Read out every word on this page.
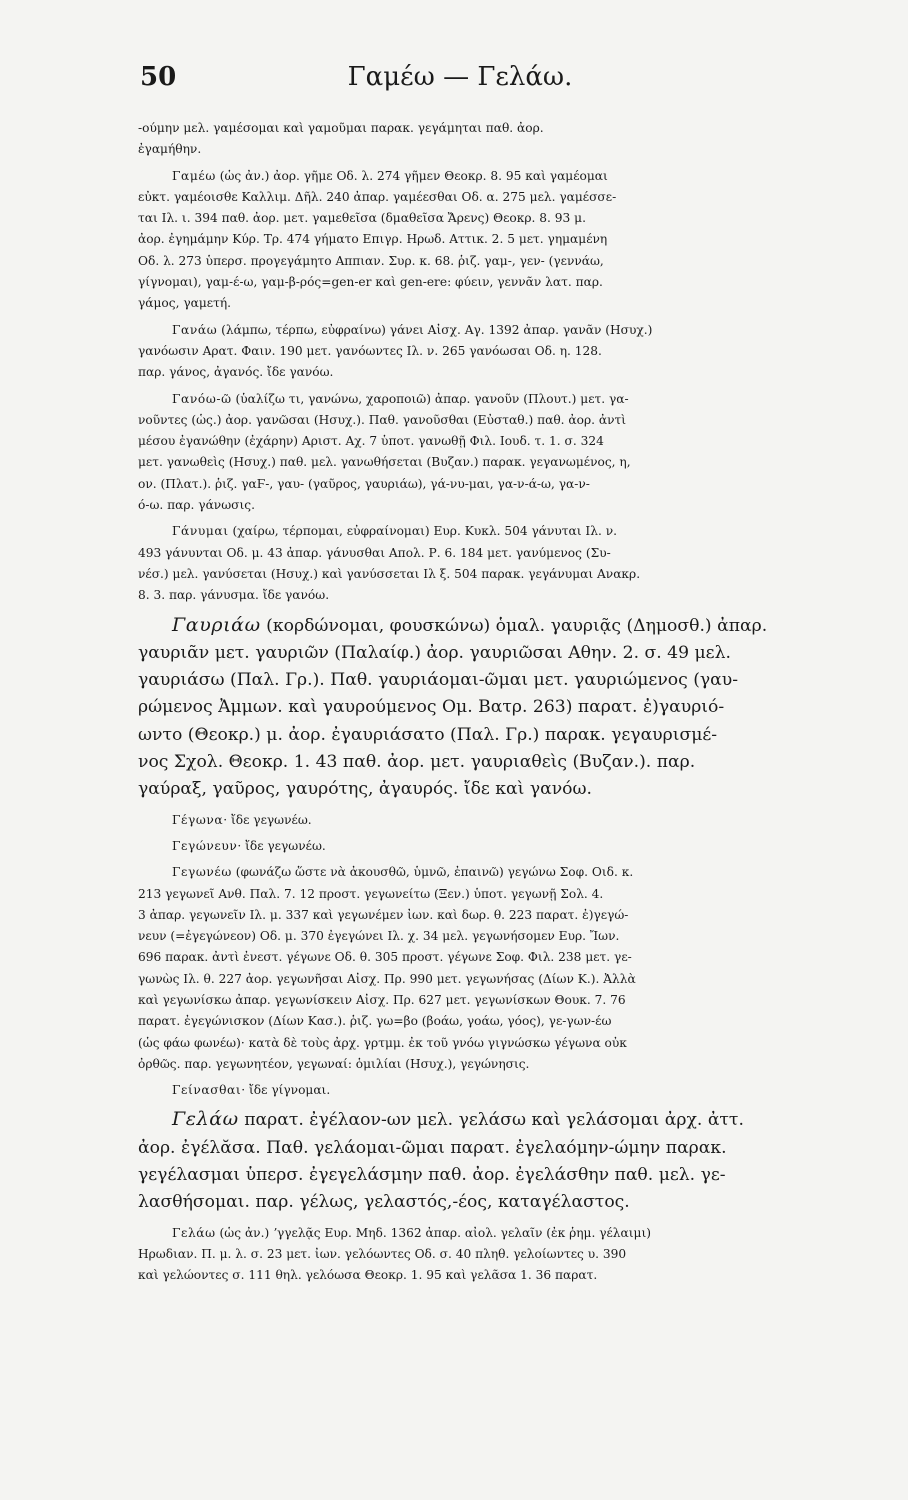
50	Γαμέω — Γελάω.

-ούμην μελ. γαμέσομαι καὶ γαμοῦμαι παρακ. γεγάμηται παθ. ἀορ.
ἐγαμήθην.

Γαμέω (ὡς ἀν.) ἀορ. γῆμε Οδ. λ. 274 γῆμεν Θεοκρ. 8. 95 καὶ γαμέομαι
εὐκτ. γαμέοισθε Καλλιμ. Δῆλ. 240 ἀπαρ. γαμέεσθαι Οδ. α. 275 μελ. γαμέσσε-
ται Ιλ. ι. 394 παθ. ἀορ. μετ. γαμεθεῖσα (δμαθεῖσα Ἄρενς) Θεοκρ. 8. 93 μ.
ἀορ. ἐγημάμην Κύρ. Τρ. 474 γήματο Επιγρ. Ηρωδ. Αττικ. 2. 5 μετ. γημαμένη
Οδ. λ. 273 ὑπερσ. προγεγάμητο Αππιαν. Συρ. κ. 68. ῥιζ. γαμ-, γεν- (γεννάω,
γίγνομαι), γαμ-έ-ω, γαμ-β-ρός=gen-er καὶ gen-ere: φύειν, γεννᾶν λατ. παρ.
γάμος, γαμετή.

Γανάω (λάμπω, τέρπω, εὐφραίνω) γάνει Αἰσχ. Αγ. 1392 ἀπαρ. γανᾶν (Ησυχ.)
γανόωσιν Αρατ. Φαιν. 190 μετ. γανόωντες Ιλ. ν. 265 γανόωσαι Οδ. η. 128.
παρ. γάνος, ἀγανός. ἴδε γανόω.

Γανόω-ῶ (ὑαλίζω τι, γανώνω, χαροποιῶ) ἀπαρ. γανοῦν (Πλουτ.) μετ. γα-
νοῦντες (ὡς.) ἀορ. γανῶσαι (Ησυχ.). Παθ. γανοῦσθαι (Εὐσταθ.) παθ. ἀορ. ἀντὶ
μέσου ἐγανώθην (ἐχάρην) Αριστ. Αχ. 7 ὑποτ. γανωθῇ Φιλ. Ιουδ. τ. 1. σ. 324
μετ. γανωθεὶς (Ησυχ.) παθ. μελ. γανωθήσεται (Βυζαν.) παρακ. γεγανωμένος, η,
ον. (Πλατ.). ῥιζ. γαϜ-, γαυ- (γαῦρος, γαυριάω), γά-νυ-μαι, γα-ν-ά-ω, γα-ν-
ό-ω. παρ. γάνωσις.

Γάνυμαι (χαίρω, τέρπομαι, εὐφραίνομαι) Ευρ. Κυκλ. 504 γάνυται Ιλ. ν.
493 γάνυνται Οδ. μ. 43 ἀπαρ. γάνυσθαι Απολ. Ρ. 6. 184 μετ. γανύμενος (Συ-
νέσ.) μελ. γανύσεται (Ησυχ.) καὶ γανύσσεται Ιλ ξ. 504 παρακ. γεγάνυμαι Ανακρ.
8. 3. παρ. γάνυσμα. ἴδε γανόω.

Γαυριάω (κορδώνομαι, φουσκώνω) ὁμαλ. γαυριᾷς (Δημοσθ.) ἀπαρ.
γαυριᾶν μετ. γαυριῶν (Παλαίφ.) ἀορ. γαυριῶσαι Αθην. 2. σ. 49 μελ.
γαυριάσω (Παλ. Γρ.). Παθ. γαυριάομαι-ῶμαι μετ. γαυριώμενος (γαυ-
ρώμενος Ἀμμων. καὶ γαυρούμενος Ομ. Βατρ. 263) παρατ. ἐ)γαυριό-
ωντο (Θεοκρ.) μ. ἀορ. ἐγαυριάσατο (Παλ. Γρ.) παρακ. γεγαυρισμέ-
νος Σχολ. Θεοκρ. 1. 43 παθ. ἀορ. μετ. γαυριαθεὶς (Βυζαν.). παρ.
γαύραξ, γαῦρος, γαυρότης, ἀγαυρός. ἴδε καὶ γανόω.

Γέγωνα· ἴδε γεγωνέω.

Γεγώνευν· ἴδε γεγωνέω.

Γεγωνέω (φωνάζω ὥστε νὰ ἀκουσθῶ, ὑμνῶ, ἐπαινῶ) γεγώνω Σοφ. Οιδ. κ.
213 γεγωνεῖ Ανθ. Παλ. 7. 12 προστ. γεγωνείτω (Ξεν.) ὑποτ. γεγωνῇ Σολ. 4.
3 ἀπαρ. γεγωνεῖν Ιλ. μ. 337 καὶ γεγωνέμεν ἰων. καὶ δωρ. θ. 223 παρατ. ἐ)γεγώ-
νευν (=ἐγεγώνεον) Οδ. μ. 370 ἐγεγώνει Ιλ. χ. 34 μελ. γεγωνήσομεν Ευρ. Ἴων.
696 παρακ. ἀντὶ ἐνεστ. γέγωνε Οδ. θ. 305 προστ. γέγωνε Σοφ. Φιλ. 238 μετ. γε-
γωνὼς Ιλ. θ. 227 ἀορ. γεγωνῆσαι Αἰσχ. Πρ. 990 μετ. γεγωνήσας (Δίων Κ.). Ἀλλὰ
καὶ γεγωνίσκω ἀπαρ. γεγωνίσκειν Αἰσχ. Πρ. 627 μετ. γεγωνίσκων Θουκ. 7. 76
παρατ. ἐγεγώνισκον (Δίων Κασ.). ῥιζ. γω=βο (βοάω, γοάω, γόος), γε-γων-έω
(ὡς φάω φωνέω)· κατὰ δὲ τοὺς ἀρχ. γρτμμ. ἐκ τοῦ γνόω γιγνώσκω γέγωνα οὐκ
ὀρθῶς. παρ. γεγωνητέον, γεγωναί: ὁμιλίαι (Ησυχ.), γεγώνησις.

Γείνασθαι· ἴδε γίγνομαι.

Γελάω παρατ. ἐγέλαον-ων μελ. γελάσω καὶ γελάσομαι ἀρχ. ἀττ.
ἀορ. ἐγέλᾰσα. Παθ. γελάομαι-ῶμαι παρατ. ἐγελαόμην-ώμην παρακ.
γεγέλασμαι ὑπερσ. ἐγεγελάσμην παθ. ἀορ. ἐγελάσθην παθ. μελ. γε-
λασθήσομαι. παρ. γέλως, γελαστός,-έος, καταγέλαστος.

Γελάω (ὡς ἀν.) ʼγγελᾷς Ευρ. Μηδ. 1362 ἀπαρ. αἰολ. γελαῖν (ἐκ ῥημ. γέλαιμι)
Ηρωδιαν. Π. μ. λ. σ. 23 μετ. ἰων. γελόωντες Οδ. σ. 40 πληθ. γελοίωντες υ. 390
καὶ γελώοντες σ. 111 θηλ. γελόωσα Θεοκρ. 1. 95 καὶ γελᾶσα 1. 36 παρατ.
